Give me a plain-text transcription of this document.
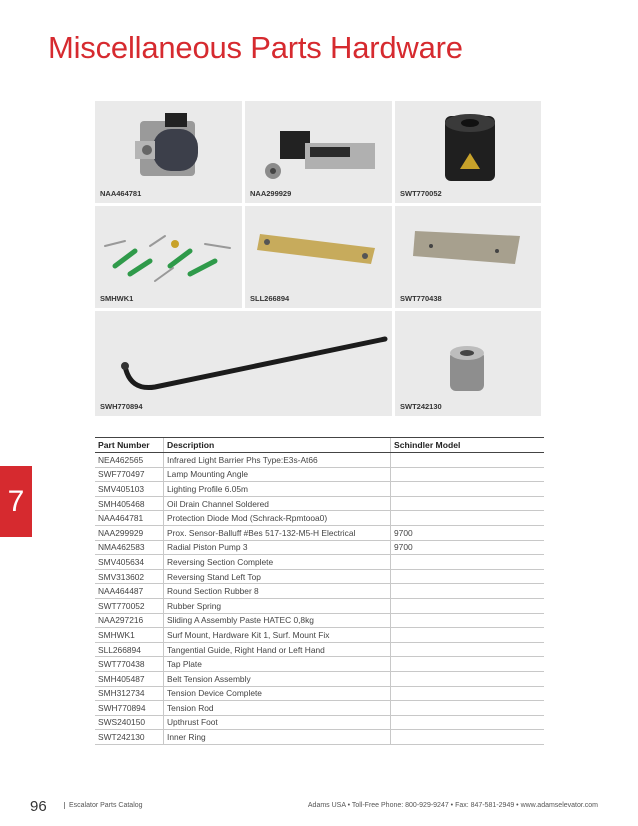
Miscellaneous Parts Hardware
NAA464781	NAA299929	SWT770052
SMHWK1	SLL266894	SWT770438
SWH770894	SWT242130
7
Part Number	Description	Schindler Model
NEA462565	Infrared Light Barrier Phs Type:E3s-At66	
SWF770497	Lamp Mounting Angle	
SMV405103	Lighting Profile 6.05m	
SMH405468	Oil Drain Channel Soldered	
NAA464781	Protection Diode Mod (Schrack-Rpmtooa0)	
NAA299929	Prox. Sensor-Balluff #Bes 517-132-M5-H Electrical	9700
NMA462583	Radial Piston Pump 3	9700
SMV405634	Reversing Section Complete	
SMV313602	Reversing Stand Left Top	
NAA464487	Round Section Rubber 8	
SWT770052	Rubber Spring	
NAA297216	Sliding A Assembly Paste HATEC 0,8kg	
SMHWK1	Surf Mount, Hardware Kit 1, Surf. Mount Fix	
SLL266894	Tangential Guide, Right Hand or Left Hand	
SWT770438	Tap Plate	
SMH405487	Belt Tension Assembly	
SMH312734	Tension Device Complete	
SWH770894	Tension Rod	
SWS240150	Upthrust Foot	
SWT242130	Inner Ring	
96	Escalator Parts Catalog	Adams USA • Toll-Free Phone: 800-929-9247 • Fax: 847-581-2949 • www.adamselevator.com
